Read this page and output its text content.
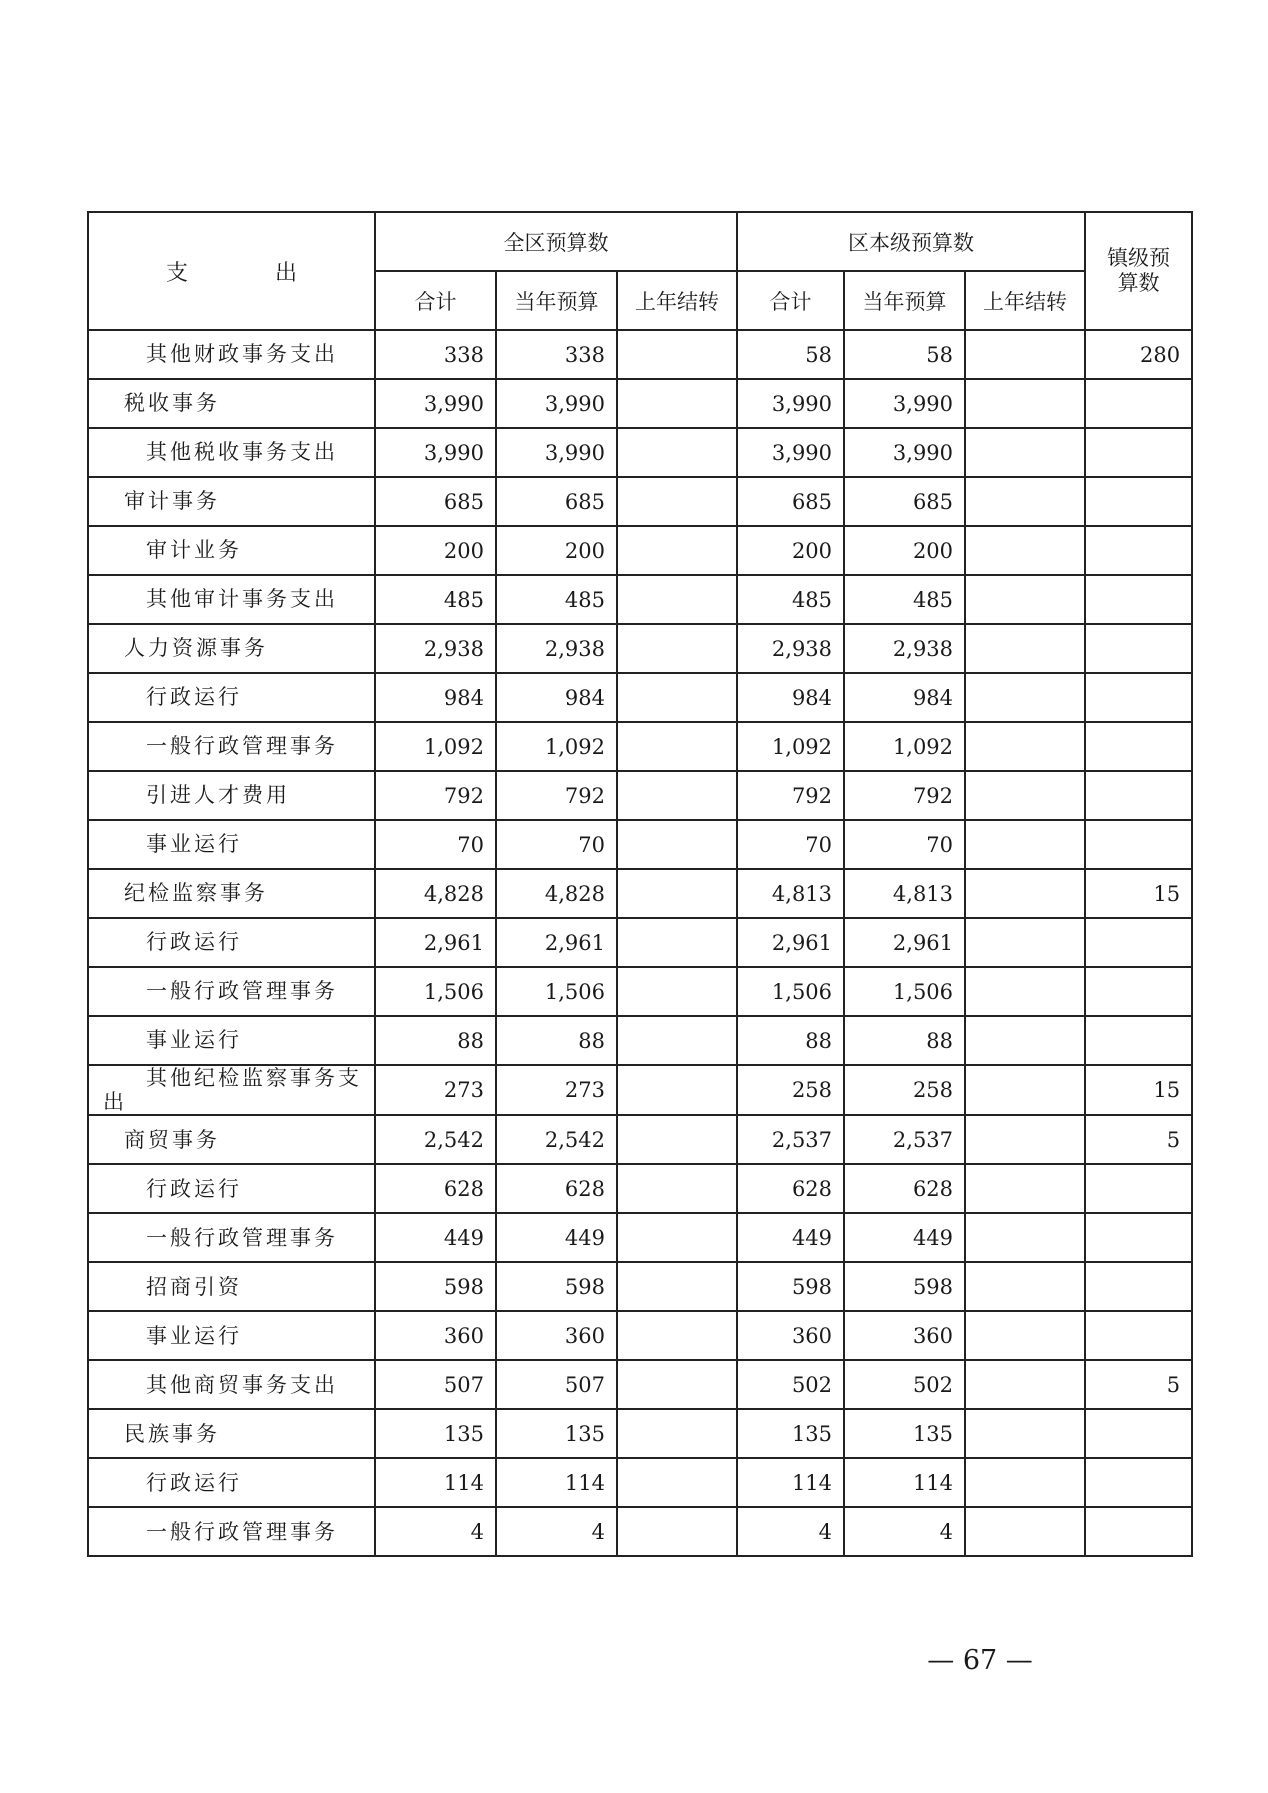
支 出	全区预算数			区本级预算数			镇级预
算数
	合计	当年预算	上年结转	合计	当年预算	上年结转	
其他财政事务支出	338	338		58	58		280
税收事务	3,990	3,990		3,990	3,990		
其他税收事务支出	3,990	3,990		3,990	3,990		
审计事务	685	685		685	685		
审计业务	200	200		200	200		
其他审计事务支出	485	485		485	485		
人力资源事务	2,938	2,938		2,938	2,938		
行政运行	984	984		984	984		
一般行政管理事务	1,092	1,092		1,092	1,092		
引进人才费用	792	792		792	792		
事业运行	70	70		70	70		
纪检监察事务	4,828	4,828		4,813	4,813		15
行政运行	2,961	2,961		2,961	2,961		
一般行政管理事务	1,506	1,506		1,506	1,506		
事业运行	88	88		88	88		
其他纪检监察事务支出	273	273		258	258		15
商贸事务	2,542	2,542		2,537	2,537		5
行政运行	628	628		628	628		
一般行政管理事务	449	449		449	449		
招商引资	598	598		598	598		
事业运行	360	360		360	360		
其他商贸事务支出	507	507		502	502		5
民族事务	135	135		135	135		
行政运行	114	114		114	114		
一般行政管理事务	4	4		4	4		
— 67 —
